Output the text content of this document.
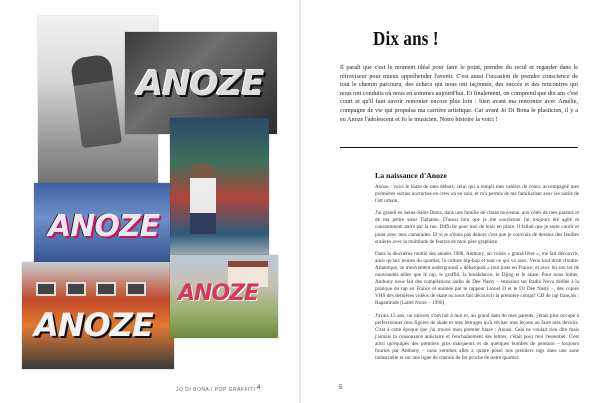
ANOZE
ANOZE
ANOZE
ANOZE
JO DI BONA / POP GRAFFITI 4
Dix ans !

Il paraît que c'est le moment idéal pour faire le point, prendre du recul et regarder dans le rétroviseur pour mieux appréhender l'avenir. C'est aussi l'occasion de prendre conscience de tout le chemin parcouru, des échecs qui nous ont façonnés, des succès et des rencontres qui nous ont conduits où nous en sommes aujourd'hui. Et finalement, on comprend que dix ans c'est court et qu'il faut savoir remonter encore plus loin : bien avant ma rencontre avec Amélie, compagne de vie qui propulsa ma carrière artistique. Car avant Jo Di Bona le plasticien, il y a eu Anoze l'adolescent et Jo le musicien. Notre histoire la voici !

La naissance d'Anoze

Anoze : voici le blaze de mes débuts, celui qui a rempli mes cahiers de cours, accompagné mes premières sorties nocturnes en crew ou en solo, et m'a permis de me familiariser avec les outils de l'art urbain.

J'ai grandi en Seine-Saint-Denis, dans une famille de classe moyenne, aux côtés de mes parents et de ma petite sœur Tiphaine. D'aussi loin que je me souvienne j'ai toujours été agité et constamment attiré par la rue. Difficile pour moi de tenir en place, il fallait que je sorte courir et jouer avec mes camarades. Et si je n'étais pas dehors c'est que je couvrais de dessins des feuilles entières avec la multitude de feutres de mon père graphiste.

Dans la deuxième moitié des années 1980, Anthony, un voisin « grand frère », me fait découvrir, ainsi qu'aux jeunes du quartier, la culture hip-hop et tout ce qui va avec. Venu tout droit d'outre-Atlantique, ce mouvement underground « débarquait » tout juste en France, et avec lui son lot de nouveautés telles que le rap, le graffiti, la breakdance, le Djing et le skate. Pour nous initier, Anthony nous fait des compilations audio de Dee Nasty – émission sur Radio Nova dédiée à la pratique du rap en France et animée par le rappeur Lionel D et le DJ Dee Nasty –, des copies VHS des dernières vidéos de skate ou nous fait découvrir la première compil' CD de rap français : Rapattitude (Label Noire – 1990).

J'avais 13 ans, un univers s'ouvrait à moi et, au grand dam de mes parents, j'étais plus occupé à perfectionner mes figures de skate et mes lettrages qu'à réviser mes leçons ou faire mes devoirs. C'est à cette époque que j'ai trouvé mon premier blaze : Anoze. Cela ne voulait rien dire mais j'aimais la consonance anticlaire et l'enchaînement des lettres, c'était pour moi l'essentiel. C'est ainsi qu'équipés des premiers gros marqueurs et de quelques bombes de peinture – toujours fournis par Anthony – nous sommes allés à quatre poser nos premiers tags dans une zone industrielle et sur une ligne de chemin de fer proche de notre quartier.

5
